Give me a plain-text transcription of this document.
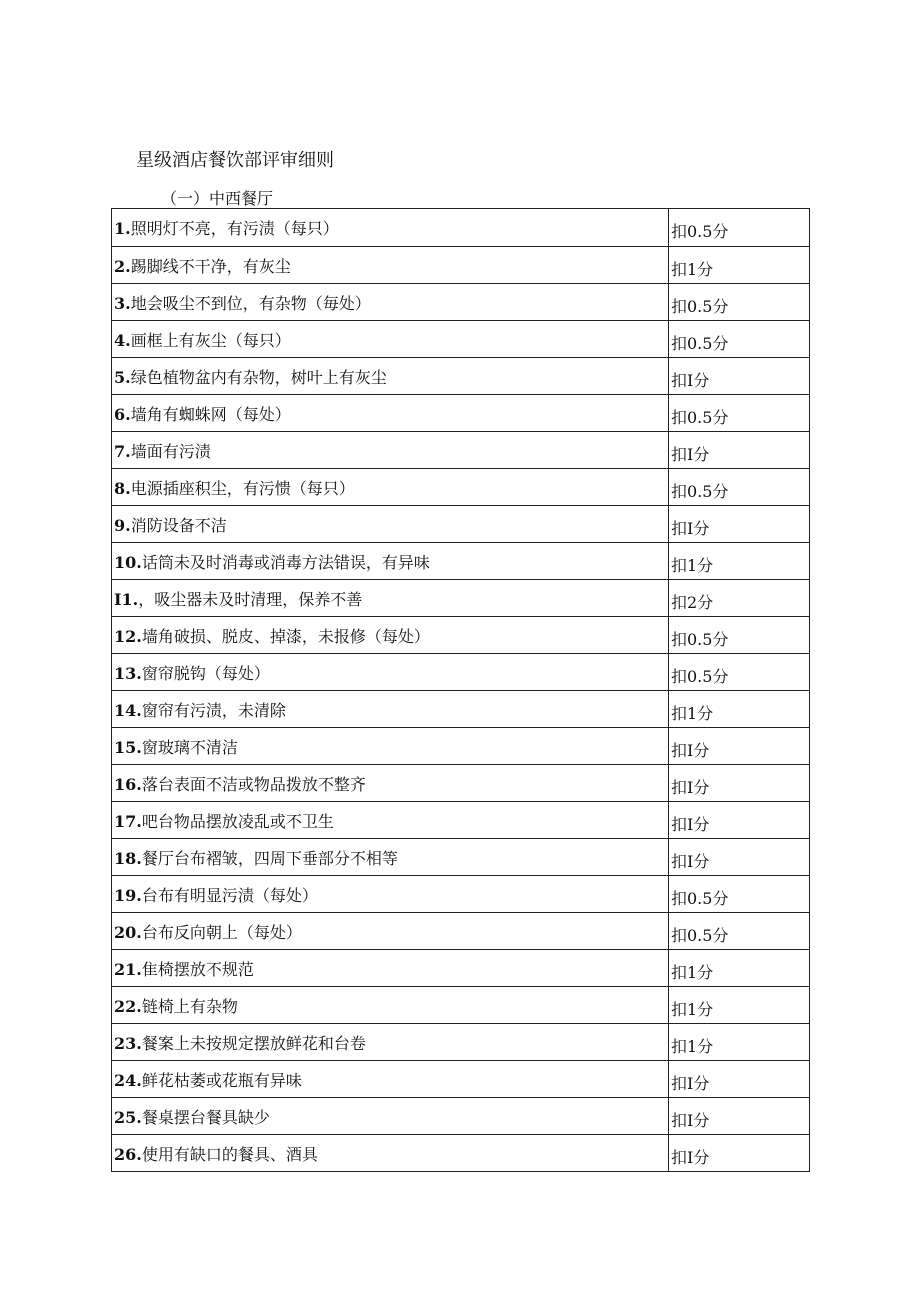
星级酒店餐饮部评审细则
（一）中西餐厅
1.照明灯不亮，有污渍（每只）	扣0.5分
2.踢脚线不干净，有灰尘	扣1分
3.地会吸尘不到位，有杂物（毎处）	扣0.5分
4.画框上有灰尘（每只）	扣0.5分
5.绿色植物盆内有杂物，树叶上有灰尘	扣I分
6.墙角有蜘蛛网（每处）	扣0.5分
7.墙面有污渍	扣I分
8.电源插座积尘，有污愦（每只）	扣0.5分
9.消防设备不洁	扣I分
10.话筒未及时消毒或消毒方法错误，有异味	扣1分
I1.，吸尘器未及时清理，保养不善	扣2分
12.墙角破损、脱皮、掉漆，未报修（每处）	扣0.5分
13.窗帘脱钩（每处）	扣0.5分
14.窗帘有污渍，未清除	扣1分
15.窗玻璃不清洁	扣I分
16.落台表面不洁或物品拨放不整齐	扣I分
17.吧台物品摆放凌乱或不卫生	扣I分
18.餐厅台布褶皱，四周下垂部分不相等	扣I分
19.台布有明显污渍（每处）	扣0.5分
20.台布反向朝上（每处）	扣0.5分
21.隹椅摆放不规范	扣1分
22.链椅上有杂物	扣1分
23.餐案上未按规定摆放鲜花和台卷	扣1分
24.鲜花枯萎或花瓶有异味	扣I分
25.餐桌摆台餐具缺少	扣I分
26.使用有缺口的餐具、酒具	扣I分
